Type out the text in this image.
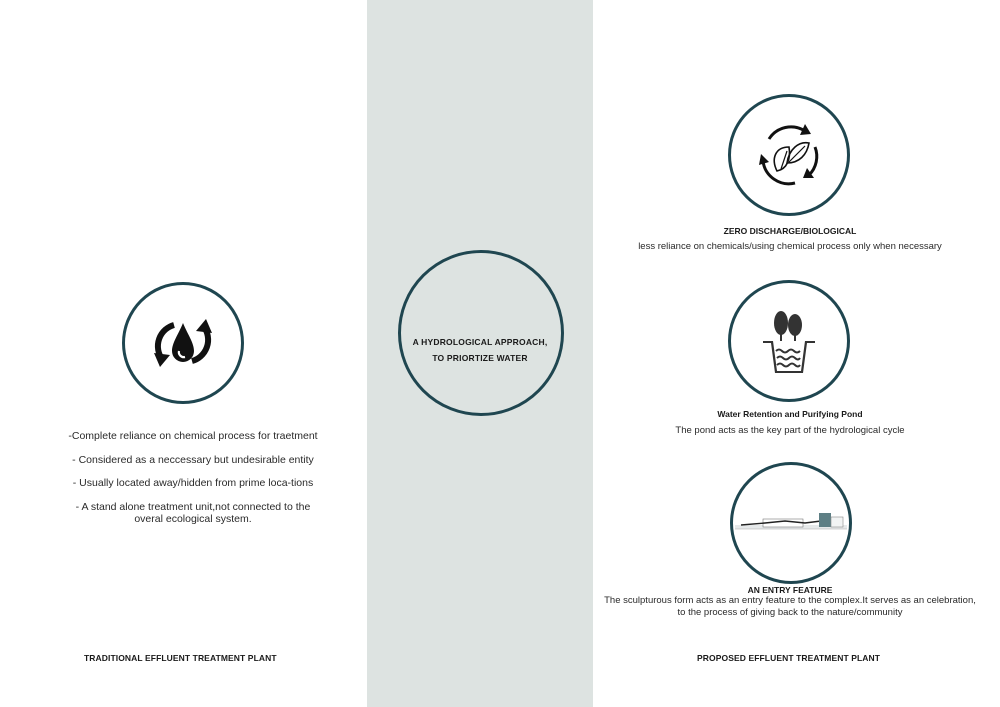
-Complete reliance on chemical process for traetment

- Considered as a neccessary but undesirable entity

- Usually located away/hidden from prime loca-tions

- A stand alone treatment unit,not connected to the overal ecological system.

TRADITIONAL EFFLUENT TREATMENT PLANT
A HYDROLOGICAL APPROACH,
TO PRIORTIZE WATER
ZERO DISCHARGE/BIOLOGICAL
less reliance on chemicals/using chemical process only when necessary
Water Retention and Purifying Pond
The pond acts as the key part of the hydrological cycle
AN ENTRY FEATURE
The sculpturous form acts as an entry feature to the complex.It serves as an celebration, to the process of giving back to the nature/community
PROPOSED EFFLUENT TREATMENT PLANT
